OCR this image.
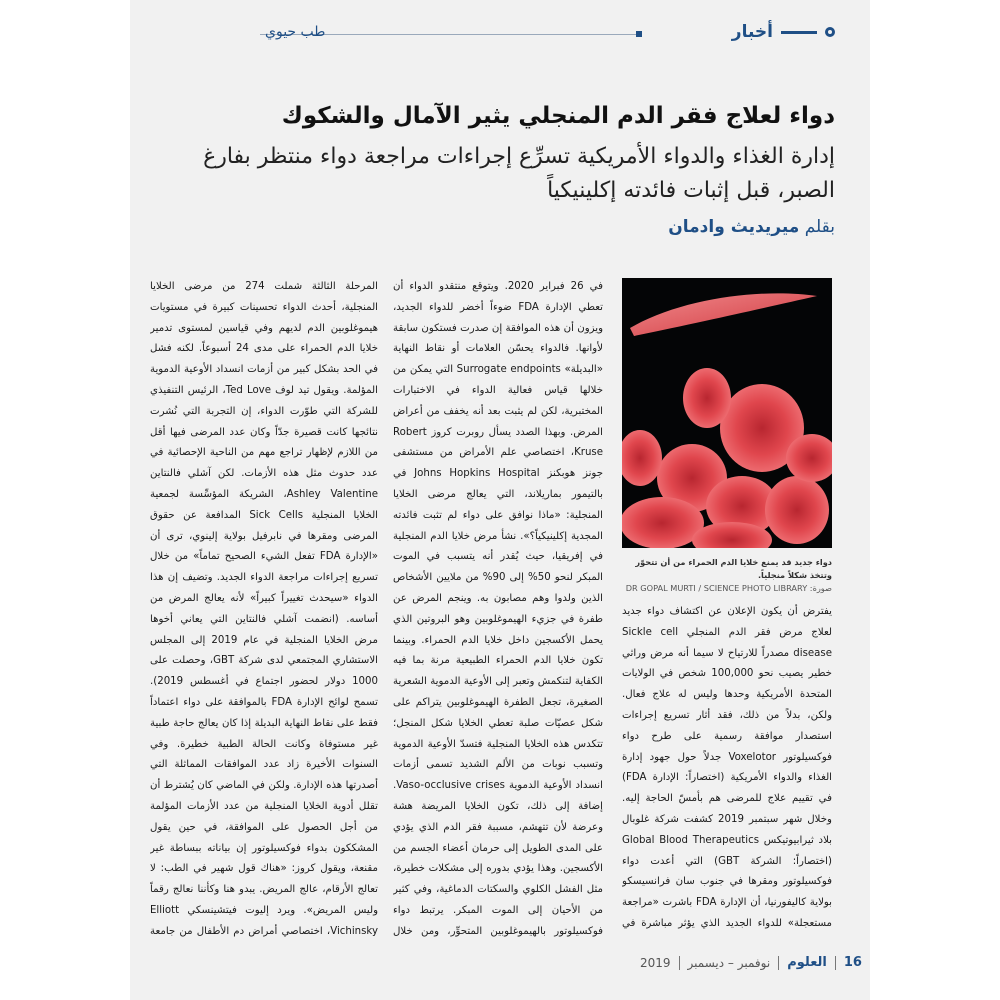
أخبار
طب حيوي
دواء لعلاج فقر الدم المنجلي يثير الآمال والشكوك
إدارة الغذاء والدواء الأمريكية تسرِّع إجراءات مراجعة دواء منتظر بفارغ الصبر، قبل إثبات فائدته إكلينيكياً
بقلم ميريديث وادمان
دواء جديد قد يمنع خلايا الدم الحمراء من أن تتحوّر وتتخذ شكلاً منجلياً.
صورة: DR GOPAL MURTI / SCIENCE PHOTO LIBRARY

يفترض أن يكون الإعلان عن اكتشاف دواء جديد لعلاج مرض فقر الدم المنجلي Sickle cell disease مصدراً للارتياح لا سيما أنه مرض وراثي خطير يصيب نحو 100,000 شخص في الولايات المتحدة الأمريكية وحدها وليس له علاج فعال. ولكن، بدلاً من ذلك، فقد أثار تسريع إجراءات استصدار موافقة رسمية على طرح دواء فوكسيلوتور Voxelotor جدلاً حول جهود إدارة الغذاء والدواء الأمريكية (اختصاراً: الإدارة FDA) في تقييم علاج للمرضى هم بأمسّ الحاجة إليه. وخلال شهر سبتمبر 2019 كشفت شركة غلوبال بلاد ثيرابيوتيكس Global Blood Therapeutics (اختصاراً: الشركة GBT) التي أعدت دواء فوكسيلوتور ومقرها في جنوب سان فرانسيسكو بولاية كاليفورنيا، أن الإدارة FDA باشرت «مراجعة مستعجلة» للدواء الجديد الذي يؤثر مباشرة في

في 26 فبراير 2020. ويتوقع منتقدو الدواء أن تعطي الإدارة FDA ضوءاً أخضر للدواء الجديد، ويزون أن هذه الموافقة إن صدرت فستكون سابقة لأوانها. فالدواء يحسّن العلامات أو نقاط النهاية «البديلة» Surrogate endpoints التي يمكن من خلالها قياس فعالية الدواء في الاختبارات المختبرية، لكن لم يثبت بعد أنه يخفف من أعراض المرض. وبهذا الصدد يسأل روبرت كروز Robert Kruse، اختصاصي علم الأمراض من مستشفى جونز هوبكنز Johns Hopkins Hospital في بالتيمور بماريلاند، التي يعالج مرضى الخلايا المنجلية: «ماذا نوافق على دواء لم تثبت فائدته المجدية إكلينيكياً؟». نشأ مرض خلايا الدم المنجلية في إفريقيا، حيث يُقدر أنه يتسبب في الموت المبكر لنحو 50% إلى 90% من ملايين الأشخاص الذين ولدوا وهم مصابون به. وينجم المرض عن طفرة في جزيء الهيموغلوبين وهو البروتين الذي يحمل الأكسجين داخل خلايا الدم الحمراء. وبينما تكون خلايا الدم الحمراء الطبيعية مرنة بما فيه الكفاية لتنكمش وتعبر إلى الأوعية الدموية الشعرية الصغيرة، تجعل الطفرة الهيموغلوبين يتراكم على شكل عصيّات صلبة تعطي الخلايا شكل المنجل؛ تتكدس هذه الخلايا المنجلية فتسدّ الأوعية الدموية وتسبب نوبات من الألم الشديد تسمى أزمات انسداد الأوعية الدموية Vaso-occlusive crises. إضافة إلى ذلك، تكون الخلايا المريضة هشة وعرضة لأن تتهشم، مسببة فقر الدم الذي يؤدي على المدى الطويل إلى حرمان أعضاء الجسم من الأكسجين. وهذا يؤدي بدوره إلى مشكلات خطيرة، مثل الفشل الكلوي والسكتات الدماغية، وفي كثير من الأحيان إلى الموت المبكر. يرتبط دواء فوكسيلوتور بالهيموغلوبين المتحوِّر، ومن خلال

المرحلة الثالثة شملت 274 من مرضى الخلايا المنجلية، أحدث الدواء تحسينات كبيرة في مستويات هيموغلوبين الدم لديهم وفي قياسين لمستوى تدمير خلايا الدم الحمراء على مدى 24 أسبوعاً. لكنه فشل في الحد بشكل كبير من أزمات انسداد الأوعية الدموية المؤلمة. ويقول تيد لوف Ted Love، الرئيس التنفيذي للشركة التي طوّرت الدواء، إن التجربة التي نُشرت نتائجها كانت قصيرة جدّاً وكان عدد المرضى فيها أقل من اللازم لإظهار تراجع مهم من الناحية الإحصائية في عدد حدوث مثل هذه الأزمات. لكن آشلي فالنتاين Ashley Valentine، الشريكة المؤسِّسة لجمعية الخلايا المنجلية Sick Cells المدافعة عن حقوق المرضى ومقرها في نابرفيل بولاية إلينوي، ترى أن «الإدارة FDA تفعل الشيء الصحيح تماماً» من خلال تسريع إجراءات مراجعة الدواء الجديد. وتضيف إن هذا الدواء «سيحدث تغييراً كبيراً» لأنه يعالج المرض من أساسه. (انضمت آشلي فالنتاين التي يعاني أخوها مرض الخلايا المنجلية في عام 2019 إلى المجلس الاستشاري المجتمعي لدى شركة GBT، وحصلت على 1000 دولار لحضور اجتماع في أغسطس 2019). تسمح لوائح الإدارة FDA بالموافقة على دواء اعتماداً فقط على نقاط النهاية البديلة إذا كان يعالج حاجة طبية غير مستوفاة وكانت الحالة الطبية خطيرة. وفي السنوات الأخيرة زاد عدد الموافقات المماثلة التي أصدرتها هذه الإدارة. ولكن في الماضي كان يُشترط أن تقلل أدوية الخلايا المنجلية من عدد الأزمات المؤلمة من أجل الحصول على الموافقة، في حين يقول المشككون بدواء فوكسيلوتور إن بياناته ببساطة غير مقنعة، ويقول كروز: «هناك قول شهير في الطب: لا تعالج الأرقام، عالج المريض. يبدو هنا وكأننا نعالج رقماً وليس المريض». ويرد إليوت فيتشينسكي Elliott Vichinsky، اختصاصي أمراض دم الأطفال من جامعة

2019 نوفمبر – ديسمبر العلوم 16
